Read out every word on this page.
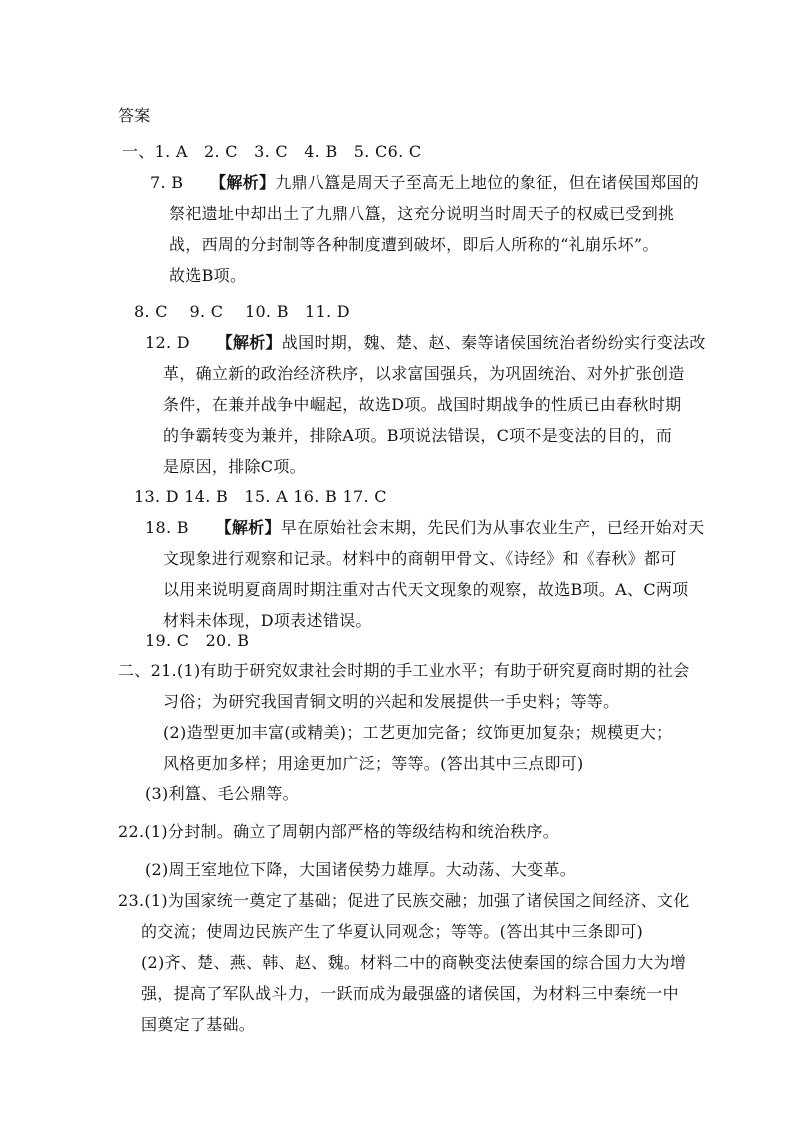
答案
一、1. A　2. C　3. C　4. B　5. C6. C
7. B 【解析】九鼎八簋是周天子至高无上地位的象征，但在诸侯国郑国的
祭祀遗址中却出土了九鼎八簋，这充分说明当时周天子的权威已受到挑
战，西周的分封制等各种制度遭到破坏，即后人所称的“礼崩乐坏”。
故选B项。
8. C　 9. C　 10. B　11. D
12. D 【解析】战国时期，魏、楚、赵、秦等诸侯国统治者纷纷实行变法改
革，确立新的政治经济秩序，以求富国强兵，为巩固统治、对外扩张创造
条件，在兼并战争中崛起，故选D项。战国时期战争的性质已由春秋时期
的争霸转变为兼并，排除A项。B项说法错误，C项不是变法的目的，而
是原因，排除C项。
13. D 14. B　15. A 16. B 17. C
18. B 【解析】早在原始社会末期，先民们为从事农业生产，已经开始对天
文现象进行观察和记录。材料中的商朝甲骨文、《诗经》和《春秋》都可
以用来说明夏商周时期注重对古代天文现象的观察，故选B项。A、C两项
材料未体现，D项表述错误。
19. C　20. B
二、21.(1)有助于研究奴隶社会时期的手工业水平；有助于研究夏商时期的社会
习俗；为研究我国青铜文明的兴起和发展提供一手史料；等等。
(2)造型更加丰富(或精美)；工艺更加完备；纹饰更加复杂；规模更大；
风格更加多样；用途更加广泛；等等。(答出其中三点即可)
(3)利簋、毛公鼎等。
22.(1)分封制。确立了周朝内部严格的等级结构和统治秩序。
(2)周王室地位下降，大国诸侯势力雄厚。大动荡、大变革。
23.(1)为国家统一奠定了基础；促进了民族交融；加强了诸侯国之间经济、文化
的交流；使周边民族产生了华夏认同观念；等等。(答出其中三条即可)
(2)齐、楚、燕、韩、赵、魏。材料二中的商鞅变法使秦国的综合国力大为增
强，提高了军队战斗力，一跃而成为最强盛的诸侯国，为材料三中秦统一中
国奠定了基础。
